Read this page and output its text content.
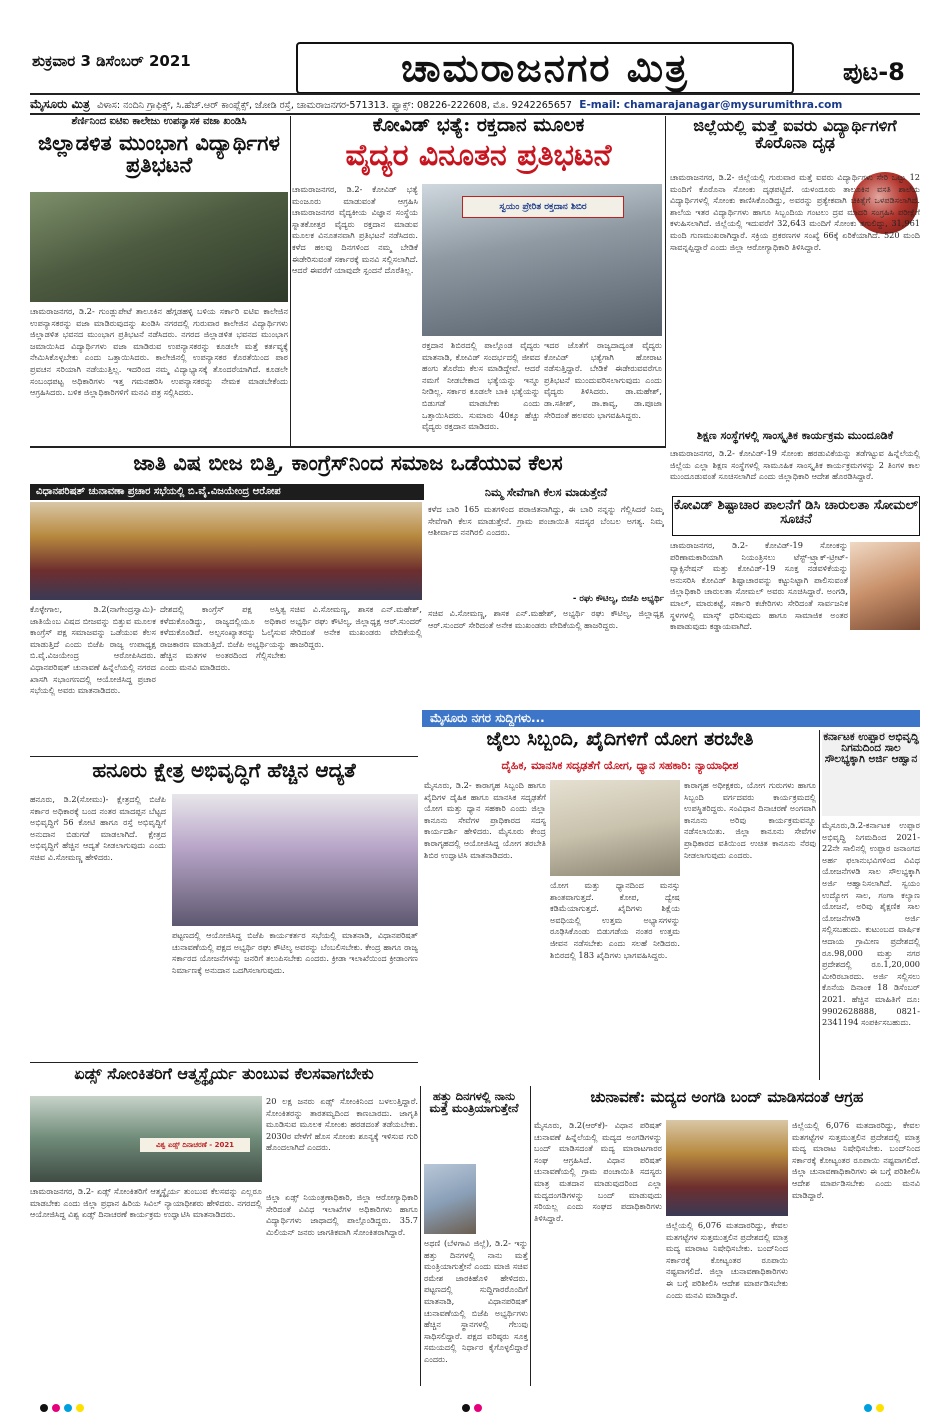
ಶುಕ್ರವಾರ 3 ಡಿಸೆಂಬರ್ 2021	ಚಾಮರಾಜನಗರ ಮಿತ್ರ	ಪುಟ-8
ಮೈಸೂರು ಮಿತ್ರ ವಿಳಾಸ: ನಂದಿನಿ ಗ್ರಾಫಿಕ್ಸ್, ಸಿ.ಹೆಚ್.ಆರ್ ಕಾಂಪ್ಲೆಕ್ಸ್, ಜೋಡಿ ರಸ್ತೆ, ಚಾಮರಾಜನಗರ-571313. ಫ್ಯಾಕ್ಸ್: 08226-222608, ಮೊ. 9242265657 E-mail: chamarajanagar@mysurumithra.com
ಶೆರ್ಣಿನಿಂದ ಐಟಿಐ ಕಾಲೇಜು ಉಪನ್ಯಾಸಕ ವಜಾ ಖಂಡಿಸಿ
ಜಿಲ್ಲಾಡಳಿತ ಮುಂಭಾಗ ವಿದ್ಯಾರ್ಥಿಗಳ ಪ್ರತಿಭಟನೆ
ಚಾಮರಾಜನಗರ, ಡಿ.2- ಗುಂಡ್ಲುಪೇಟೆ ತಾಲೂಕಿನ ಹೆಗ್ಗಡಹಳ್ಳಿ ಬಳಿಯ ಸರ್ಕಾರಿ ಐಟಿಐ ಕಾಲೇಜಿನ ಉಪನ್ಯಾಸಕರನ್ನು ವಜಾ ಮಾಡಿರುವುದನ್ನು ಖಂಡಿಸಿ ನಗರದಲ್ಲಿ ಗುರುವಾರ ಕಾಲೇಜಿನ ವಿದ್ಯಾರ್ಥಿಗಳು ಜಿಲ್ಲಾಡಳಿತ ಭವನದ ಮುಂಭಾಗ ಪ್ರತಿಭಟನೆ ನಡೆಸಿದರು. ನಗರದ ಜಿಲ್ಲಾಡಳಿತ ಭವನದ ಮುಂಭಾಗ ಜಮಾಯಿಸಿದ ವಿದ್ಯಾರ್ಥಿಗಳು ವಜಾ ಮಾಡಿರುವ ಉಪನ್ಯಾಸಕರನ್ನು ಕೂಡಲೇ ಮತ್ತೆ ಕರ್ತವ್ಯಕ್ಕೆ ನೇಮಿಸಿಕೊಳ್ಳಬೇಕು ಎಂದು ಒತ್ತಾಯಿಸಿದರು. ಕಾಲೇಜಿನಲ್ಲಿ ಉಪನ್ಯಾಸಕರ ಕೊರತೆಯಿಂದ ಪಾಠ ಪ್ರವಚನ ಸರಿಯಾಗಿ ನಡೆಯುತ್ತಿಲ್ಲ. ಇದರಿಂದ ನಮ್ಮ ವಿದ್ಯಾಭ್ಯಾಸಕ್ಕೆ ತೊಂದರೆಯಾಗಿದೆ. ಕೂಡಲೇ ಸಂಬಂಧಪಟ್ಟ ಅಧಿಕಾರಿಗಳು ಇತ್ತ ಗಮನಹರಿಸಿ ಉಪನ್ಯಾಸಕರನ್ನು ನೇಮಕ ಮಾಡಬೇಕೆಂದು ಆಗ್ರಹಿಸಿದರು. ಬಳಿಕ ಜಿಲ್ಲಾಧಿಕಾರಿಗಳಿಗೆ ಮನವಿ ಪತ್ರ ಸಲ್ಲಿಸಿದರು.
ಕೋವಿಡ್ ಭತ್ಯೆ: ರಕ್ತದಾನ ಮೂಲಕ
ವೈದ್ಯರ ವಿನೂತನ ಪ್ರತಿಭಟನೆ
ಚಾಮರಾಜನಗರ, ಡಿ.2- ಕೋವಿಡ್ ಭತ್ಯೆ ಮಂಜೂರು ಮಾಡುವಂತೆ ಆಗ್ರಹಿಸಿ ಚಾಮರಾಜನಗರ ವೈದ್ಯಕೀಯ ವಿಜ್ಞಾನ ಸಂಸ್ಥೆಯ ಸ್ನಾತಕೋತ್ತರ ವೈದ್ಯರು ರಕ್ತದಾನ ಮಾಡುವ ಮೂಲಕ ವಿನೂತನವಾಗಿ ಪ್ರತಿಭಟನೆ ನಡೆಸಿದರು. ಕಳೆದ ಹಲವು ದಿನಗಳಿಂದ ನಮ್ಮ ಬೇಡಿಕೆ ಈಡೇರಿಸುವಂತೆ ಸರ್ಕಾರಕ್ಕೆ ಮನವಿ ಸಲ್ಲಿಸಲಾಗಿದೆ. ಆದರೆ ಈವರೆಗೆ ಯಾವುದೇ ಸ್ಪಂದನೆ ದೊರೆತಿಲ್ಲ.
ಸ್ವಯಂ ಪ್ರೇರಿತ ರಕ್ತದಾನ ಶಿಬಿರ
ರಕ್ತದಾನ ಶಿಬಿರದಲ್ಲಿ ಪಾಲ್ಗೊಂಡ ವೈದ್ಯರು ಮಾತನಾಡಿ, ಕೋವಿಡ್ ಸಂದರ್ಭದಲ್ಲಿ ಜೀವದ ಹಂಗು ತೊರೆದು ಕೆಲಸ ಮಾಡಿದ್ದೇವೆ. ಆದರೆ ನಮಗೆ ನೀಡಬೇಕಾದ ಭತ್ಯೆಯನ್ನು ಇನ್ನೂ ನೀಡಿಲ್ಲ. ಸರ್ಕಾರ ಕೂಡಲೇ ಬಾಕಿ ಭತ್ಯೆಯನ್ನು ಬಿಡುಗಡೆ ಮಾಡಬೇಕು ಎಂದು ಒತ್ತಾಯಿಸಿದರು. ಸುಮಾರು 40ಕ್ಕೂ ಹೆಚ್ಚು ವೈದ್ಯರು ರಕ್ತದಾನ ಮಾಡಿದರು.
ಇದರ ಜೊತೆಗೆ ರಾಜ್ಯದಾದ್ಯಂತ ವೈದ್ಯರು ಕೋವಿಡ್ ಭತ್ಯೆಗಾಗಿ ಹೋರಾಟ ನಡೆಸುತ್ತಿದ್ದಾರೆ. ಬೇಡಿಕೆ ಈಡೇರುವವರೆಗೂ ಪ್ರತಿಭಟನೆ ಮುಂದುವರಿಸಲಾಗುವುದು ಎಂದು ವೈದ್ಯರು ತಿಳಿಸಿದರು. ಡಾ.ಮಹೇಶ್, ಡಾ.ಸತೀಶ್, ಡಾ.ಕಾವ್ಯ, ಡಾ.ಪೂಜಾ ಸೇರಿದಂತೆ ಹಲವರು ಭಾಗವಹಿಸಿದ್ದರು.
ಜಿಲ್ಲೆಯಲ್ಲಿ ಮತ್ತೆ ಐವರು ವಿದ್ಯಾರ್ಥಿಗಳಿಗೆ ಕೊರೊನಾ ದೃಢ
ಚಾಮರಾಜನಗರ, ಡಿ.2- ಜಿಲ್ಲೆಯಲ್ಲಿ ಗುರುವಾರ ಮತ್ತೆ ಐವರು ವಿದ್ಯಾರ್ಥಿಗಳು ಸೇರಿ ಒಟ್ಟು 12 ಮಂದಿಗೆ ಕೊರೊನಾ ಸೋಂಕು ದೃಢಪಟ್ಟಿದೆ. ಯಳಂದೂರು ತಾಲೂಕಿನ ವಸತಿ ಶಾಲೆಯ ವಿದ್ಯಾರ್ಥಿಗಳಲ್ಲಿ ಸೋಂಕು ಕಾಣಿಸಿಕೊಂಡಿದ್ದು, ಅವರನ್ನು ಪ್ರತ್ಯೇಕವಾಗಿ ಚಿಕಿತ್ಸೆಗೆ ಒಳಪಡಿಸಲಾಗಿದೆ. ಶಾಲೆಯ ಇತರ ವಿದ್ಯಾರ್ಥಿಗಳು ಹಾಗೂ ಸಿಬ್ಬಂದಿಯ ಗಂಟಲು ದ್ರವ ಮಾದರಿ ಸಂಗ್ರಹಿಸಿ ಪರೀಕ್ಷೆಗೆ ಕಳುಹಿಸಲಾಗಿದೆ. ಜಿಲ್ಲೆಯಲ್ಲಿ ಇದುವರೆಗೆ 32,643 ಮಂದಿಗೆ ಸೋಂಕು ತಗುಲಿದ್ದು, 31,961 ಮಂದಿ ಗುಣಮುಖರಾಗಿದ್ದಾರೆ. ಸಕ್ರಿಯ ಪ್ರಕರಣಗಳ ಸಂಖ್ಯೆ 66ಕ್ಕೆ ಏರಿಕೆಯಾಗಿದೆ. 520 ಮಂದಿ ಸಾವನ್ನಪ್ಪಿದ್ದಾರೆ ಎಂದು ಜಿಲ್ಲಾ ಆರೋಗ್ಯಾಧಿಕಾರಿ ತಿಳಿಸಿದ್ದಾರೆ.
ಶಿಕ್ಷಣ ಸಂಸ್ಥೆಗಳಲ್ಲಿ ಸಾಂಸ್ಕೃತಿಕ ಕಾರ್ಯಕ್ರಮ ಮುಂದೂಡಿಕೆ
ಚಾಮರಾಜನಗರ, ಡಿ.2- ಕೋವಿಡ್-19 ಸೋಂಕು ಹರಡುವಿಕೆಯನ್ನು ತಡೆಗಟ್ಟುವ ಹಿನ್ನೆಲೆಯಲ್ಲಿ ಜಿಲ್ಲೆಯ ಎಲ್ಲಾ ಶಿಕ್ಷಣ ಸಂಸ್ಥೆಗಳಲ್ಲಿ ಸಾಮೂಹಿಕ ಸಾಂಸ್ಕೃತಿಕ ಕಾರ್ಯಕ್ರಮಗಳನ್ನು 2 ತಿಂಗಳ ಕಾಲ ಮುಂದೂಡುವಂತೆ ಸೂಚಿಸಲಾಗಿದೆ ಎಂದು ಜಿಲ್ಲಾಧಿಕಾರಿ ಆದೇಶ ಹೊರಡಿಸಿದ್ದಾರೆ.
ಕೋವಿಡ್ ಶಿಷ್ಟಾಚಾರ ಪಾಲನೆಗೆ ಡಿಸಿ ಚಾರುಲತಾ ಸೋಮಲ್ ಸೂಚನೆ
ಚಾಮರಾಜನಗರ, ಡಿ.2- ಕೋವಿಡ್-19 ಸೋಂಕನ್ನು ಪರಿಣಾಮಕಾರಿಯಾಗಿ ನಿಯಂತ್ರಿಸಲು ಟೆಸ್ಟ್-ಟ್ರ್ಯಾಕ್-ಟ್ರೀಟ್-ವ್ಯಾಕ್ಸಿನೇಷನ್ ಮತ್ತು ಕೋವಿಡ್-19 ಸೂಕ್ತ ನಡವಳಿಕೆಯನ್ನು ಅನುಸರಿಸಿ ಕೋವಿಡ್ ಶಿಷ್ಟಾಚಾರವನ್ನು ಕಟ್ಟುನಿಟ್ಟಾಗಿ ಪಾಲಿಸುವಂತೆ ಜಿಲ್ಲಾಧಿಕಾರಿ ಚಾರುಲತಾ ಸೋಮಲ್ ಅವರು ಸೂಚಿಸಿದ್ದಾರೆ. ಅಂಗಡಿ, ಮಾಲ್, ಮಾರುಕಟ್ಟೆ, ಸರ್ಕಾರಿ ಕಚೇರಿಗಳು ಸೇರಿದಂತೆ ಸಾರ್ವಜನಿಕ ಸ್ಥಳಗಳಲ್ಲಿ ಮಾಸ್ಕ್ ಧರಿಸುವುದು ಹಾಗೂ ಸಾಮಾಜಿಕ ಅಂತರ ಕಾಪಾಡುವುದು ಕಡ್ಡಾಯವಾಗಿದೆ.
ಜಾತಿ ವಿಷ ಬೀಜ ಬಿತ್ತಿ, ಕಾಂಗ್ರೆಸ್‌ನಿಂದ ಸಮಾಜ ಒಡೆಯುವ ಕೆಲಸ
ವಿಧಾನಪರಿಷತ್ ಚುನಾವಣಾ ಪ್ರಚಾರ ಸಭೆಯಲ್ಲಿ ಬಿ.ವೈ.ವಿಜಯೇಂದ್ರ ಆರೋಪ
ಕೊಳ್ಳೇಗಾಲ, ಡಿ.2(ನಾಗೇಂದ್ರಸ್ವಾಮಿ)- ಜಾತಿಯೆಂಬ ವಿಷದ ಬೀಜವನ್ನು ಬಿತ್ತುವ ಮೂಲಕ ಕಾಂಗ್ರೆಸ್ ಪಕ್ಷ ಸಮಾಜವನ್ನು ಒಡೆಯುವ ಕೆಲಸ ಮಾಡುತ್ತಿದೆ ಎಂದು ಬಿಜೆಪಿ ರಾಜ್ಯ ಉಪಾಧ್ಯಕ್ಷ ಬಿ.ವೈ.ವಿಜಯೇಂದ್ರ ಆರೋಪಿಸಿದರು. ವಿಧಾನಪರಿಷತ್ ಚುನಾವಣೆ ಹಿನ್ನೆಲೆಯಲ್ಲಿ ನಗರದ ಖಾಸಗಿ ಸಭಾಂಗಣದಲ್ಲಿ ಆಯೋಜಿಸಿದ್ದ ಪ್ರಚಾರ ಸಭೆಯಲ್ಲಿ ಅವರು ಮಾತನಾಡಿದರು.
ದೇಶದಲ್ಲಿ ಕಾಂಗ್ರೆಸ್ ಪಕ್ಷ ಅಸ್ತಿತ್ವ ಕಳೆದುಕೊಂಡಿದ್ದು, ರಾಜ್ಯದಲ್ಲಿಯೂ ಅಧಿಕಾರ ಕಳೆದುಕೊಂಡಿದೆ. ಅಲ್ಪಸಂಖ್ಯಾತರನ್ನು ಓಲೈಸುವ ರಾಜಕಾರಣ ಮಾಡುತ್ತಿದೆ. ಬಿಜೆಪಿ ಅಭ್ಯರ್ಥಿಯನ್ನು ಹೆಚ್ಚಿನ ಮತಗಳ ಅಂತರದಿಂದ ಗೆಲ್ಲಿಸಬೇಕು ಎಂದು ಮನವಿ ಮಾಡಿದರು.
ಸಚಿವ ವಿ.ಸೋಮಣ್ಣ, ಶಾಸಕ ಎನ್.ಮಹೇಶ್, ಅಭ್ಯರ್ಥಿ ರಘು ಕೌಟಿಲ್ಯ, ಜಿಲ್ಲಾಧ್ಯಕ್ಷ ಆರ್.ಸುಂದರ್ ಸೇರಿದಂತೆ ಅನೇಕ ಮುಖಂಡರು ವೇದಿಕೆಯಲ್ಲಿ ಹಾಜರಿದ್ದರು.
ನಿಮ್ಮ ಸೇವೆಗಾಗಿ ಕೆಲಸ ಮಾಡುತ್ತೇನೆ
ಕಳೆದ ಬಾರಿ 165 ಮತಗಳಿಂದ ಪರಾಜಿತನಾಗಿದ್ದು, ಈ ಬಾರಿ ನನ್ನನ್ನು ಗೆಲ್ಲಿಸಿದರೆ ನಿಮ್ಮ ಸೇವೆಗಾಗಿ ಕೆಲಸ ಮಾಡುತ್ತೇನೆ. ಗ್ರಾಮ ಪಂಚಾಯಿತಿ ಸದಸ್ಯರ ಬೆಂಬಲ ಅಗತ್ಯ. ನಿಮ್ಮ ಆಶೀರ್ವಾದ ನನಗಿರಲಿ ಎಂದರು.
- ರಘು ಕೌಟಿಲ್ಯ, ಬಿಜೆಪಿ ಅಭ್ಯರ್ಥಿ
ಸಚಿವ ವಿ.ಸೋಮಣ್ಣ, ಶಾಸಕ ಎನ್.ಮಹೇಶ್, ಅಭ್ಯರ್ಥಿ ರಘು ಕೌಟಿಲ್ಯ, ಜಿಲ್ಲಾಧ್ಯಕ್ಷ ಆರ್.ಸುಂದರ್ ಸೇರಿದಂತೆ ಅನೇಕ ಮುಖಂಡರು ವೇದಿಕೆಯಲ್ಲಿ ಹಾಜರಿದ್ದರು.
ಮೈಸೂರು ನಗರ ಸುದ್ದಿಗಳು...
ಜೈಲು ಸಿಬ್ಬಂದಿ, ಖೈದಿಗಳಿಗೆ ಯೋಗ ತರಬೇತಿ
ದೈಹಿಕ, ಮಾನಸಿಕ ಸದೃಢತೆಗೆ ಯೋಗ, ಧ್ಯಾನ ಸಹಕಾರಿ: ನ್ಯಾಯಾಧೀಶ
ಮೈಸೂರು, ಡಿ.2- ಕಾರಾಗೃಹ ಸಿಬ್ಬಂದಿ ಹಾಗೂ ಖೈದಿಗಳ ದೈಹಿಕ ಹಾಗೂ ಮಾನಸಿಕ ಸದೃಢತೆಗೆ ಯೋಗ ಮತ್ತು ಧ್ಯಾನ ಸಹಕಾರಿ ಎಂದು ಜಿಲ್ಲಾ ಕಾನೂನು ಸೇವೆಗಳ ಪ್ರಾಧಿಕಾರದ ಸದಸ್ಯ ಕಾರ್ಯದರ್ಶಿ ಹೇಳಿದರು. ಮೈಸೂರು ಕೇಂದ್ರ ಕಾರಾಗೃಹದಲ್ಲಿ ಆಯೋಜಿಸಿದ್ದ ಯೋಗ ತರಬೇತಿ ಶಿಬಿರ ಉದ್ಘಾಟಿಸಿ ಮಾತನಾಡಿದರು.
ಯೋಗ ಮತ್ತು ಧ್ಯಾನದಿಂದ ಮನಸ್ಸು ಶಾಂತವಾಗುತ್ತದೆ. ಕೋಪ, ದ್ವೇಷ ಕಡಿಮೆಯಾಗುತ್ತದೆ. ಖೈದಿಗಳು ಶಿಕ್ಷೆಯ ಅವಧಿಯಲ್ಲಿ ಉತ್ತಮ ಅಭ್ಯಾಸಗಳನ್ನು ರೂಢಿಸಿಕೊಂಡು ಬಿಡುಗಡೆಯ ನಂತರ ಉತ್ತಮ ಜೀವನ ನಡೆಸಬೇಕು ಎಂದು ಸಲಹೆ ನೀಡಿದರು. ಶಿಬಿರದಲ್ಲಿ 183 ಖೈದಿಗಳು ಭಾಗವಹಿಸಿದ್ದರು.
ಕಾರಾಗೃಹ ಅಧೀಕ್ಷಕರು, ಯೋಗ ಗುರುಗಳು ಹಾಗೂ ಸಿಬ್ಬಂದಿ ವರ್ಗದವರು ಕಾರ್ಯಕ್ರಮದಲ್ಲಿ ಉಪಸ್ಥಿತರಿದ್ದರು. ಸಂವಿಧಾನ ದಿನಾಚರಣೆ ಅಂಗವಾಗಿ ಕಾನೂನು ಅರಿವು ಕಾರ್ಯಕ್ರಮವನ್ನೂ ನಡೆಸಲಾಯಿತು. ಜಿಲ್ಲಾ ಕಾನೂನು ಸೇವೆಗಳ ಪ್ರಾಧಿಕಾರದ ವತಿಯಿಂದ ಉಚಿತ ಕಾನೂನು ನೆರವು ನೀಡಲಾಗುವುದು ಎಂದರು.
ಕರ್ನಾಟಕ ಉಪ್ಪಾರ ಅಭಿವೃದ್ಧಿ ನಿಗಮದಿಂದ ಸಾಲ ಸೌಲಭ್ಯಕ್ಕಾಗಿ ಅರ್ಜಿ ಆಹ್ವಾನ
ಮೈಸೂರು,ಡಿ.2-ಕರ್ನಾಟಕ ಉಪ್ಪಾರ ಅಭಿವೃದ್ಧಿ ನಿಗಮದಿಂದ 2021-22ನೇ ಸಾಲಿನಲ್ಲಿ ಉಪ್ಪಾರ ಜನಾಂಗದ ಅರ್ಹ ಫಲಾನುಭವಿಗಳಿಂದ ವಿವಿಧ ಯೋಜನೆಗಳಡಿ ಸಾಲ ಸೌಲಭ್ಯಕ್ಕಾಗಿ ಅರ್ಜಿ ಆಹ್ವಾನಿಸಲಾಗಿದೆ. ಸ್ವಯಂ ಉದ್ಯೋಗ ಸಾಲ, ಗಂಗಾ ಕಲ್ಯಾಣ ಯೋಜನೆ, ಅರಿವು ಶೈಕ್ಷಣಿಕ ಸಾಲ ಯೋಜನೆಗಳಡಿ ಅರ್ಜಿ ಸಲ್ಲಿಸಬಹುದು. ಕುಟುಂಬದ ವಾರ್ಷಿಕ ಆದಾಯ ಗ್ರಾಮೀಣ ಪ್ರದೇಶದಲ್ಲಿ ರೂ.98,000 ಮತ್ತು ನಗರ ಪ್ರದೇಶದಲ್ಲಿ ರೂ.1,20,000 ಮೀರಿರಬಾರದು. ಅರ್ಜಿ ಸಲ್ಲಿಸಲು ಕೊನೆಯ ದಿನಾಂಕ 18 ಡಿಸೆಂಬರ್ 2021. ಹೆಚ್ಚಿನ ಮಾಹಿತಿಗೆ ದೂ: 9902628888, 0821-2341194 ಸಂಪರ್ಕಿಸಬಹುದು.
ಹನೂರು ಕ್ಷೇತ್ರ ಅಭಿವೃದ್ಧಿಗೆ ಹೆಚ್ಚಿನ ಆದ್ಯತೆ
ಹನೂರು, ಡಿ.2(ಸೋಮು)- ಕ್ಷೇತ್ರದಲ್ಲಿ ಬಿಜೆಪಿ ಸರ್ಕಾರ ಅಧಿಕಾರಕ್ಕೆ ಬಂದ ನಂತರ ಮಾದಪ್ಪನ ಬೆಟ್ಟದ ಅಭಿವೃದ್ಧಿಗೆ 56 ಕೋಟಿ ಹಾಗೂ ರಸ್ತೆ ಅಭಿವೃದ್ಧಿಗೆ ಅನುದಾನ ಬಿಡುಗಡೆ ಮಾಡಲಾಗಿದೆ. ಕ್ಷೇತ್ರದ ಅಭಿವೃದ್ಧಿಗೆ ಹೆಚ್ಚಿನ ಆದ್ಯತೆ ನೀಡಲಾಗುವುದು ಎಂದು ಸಚಿವ ವಿ.ಸೋಮಣ್ಣ ಹೇಳಿದರು.
ಪಟ್ಟಣದಲ್ಲಿ ಆಯೋಜಿಸಿದ್ದ ಬಿಜೆಪಿ ಕಾರ್ಯಕರ್ತರ ಸಭೆಯಲ್ಲಿ ಮಾತನಾಡಿ, ವಿಧಾನಪರಿಷತ್ ಚುನಾವಣೆಯಲ್ಲಿ ಪಕ್ಷದ ಅಭ್ಯರ್ಥಿ ರಘು ಕೌಟಿಲ್ಯ ಅವರನ್ನು ಬೆಂಬಲಿಸಬೇಕು. ಕೇಂದ್ರ ಹಾಗೂ ರಾಜ್ಯ ಸರ್ಕಾರದ ಯೋಜನೆಗಳನ್ನು ಜನರಿಗೆ ತಲುಪಿಸಬೇಕು ಎಂದರು. ಕ್ರೀಡಾ ಇಲಾಖೆಯಿಂದ ಕ್ರೀಡಾಂಗಣ ನಿರ್ಮಾಣಕ್ಕೆ ಅನುದಾನ ಒದಗಿಸಲಾಗುವುದು.
ಏಡ್ಸ್ ಸೋಂಕಿತರಿಗೆ ಆತ್ಮಸ್ಥೈರ್ಯ ತುಂಬುವ ಕೆಲಸವಾಗಬೇಕು
ವಿಶ್ವ ಏಡ್ಸ್ ದಿನಾಚರಣೆ - 2021
20 ಲಕ್ಷ ಜನರು ಏಡ್ಸ್ ಸೋಂಕಿನಿಂದ ಬಳಲುತ್ತಿದ್ದಾರೆ. ಸೋಂಕಿತರನ್ನು ತಾರತಮ್ಯದಿಂದ ಕಾಣಬಾರದು. ಜಾಗೃತಿ ಮೂಡಿಸುವ ಮೂಲಕ ಸೋಂಕು ಹರಡದಂತೆ ತಡೆಯಬೇಕು. 2030ರ ವೇಳೆಗೆ ಹೊಸ ಸೋಂಕು ಶೂನ್ಯಕ್ಕೆ ಇಳಿಸುವ ಗುರಿ ಹೊಂದಲಾಗಿದೆ ಎಂದರು.
ಚಾಮರಾಜನಗರ, ಡಿ.2- ಏಡ್ಸ್ ಸೋಂಕಿತರಿಗೆ ಆತ್ಮಸ್ಥೈರ್ಯ ತುಂಬುವ ಕೆಲಸವನ್ನು ಎಲ್ಲರೂ ಮಾಡಬೇಕು ಎಂದು ಜಿಲ್ಲಾ ಪ್ರಧಾನ ಹಿರಿಯ ಸಿವಿಲ್ ನ್ಯಾಯಾಧೀಶರು ಹೇಳಿದರು. ನಗರದಲ್ಲಿ ಆಯೋಜಿಸಿದ್ದ ವಿಶ್ವ ಏಡ್ಸ್ ದಿನಾಚರಣೆ ಕಾರ್ಯಕ್ರಮ ಉದ್ಘಾಟಿಸಿ ಮಾತನಾಡಿದರು.
ಜಿಲ್ಲಾ ಏಡ್ಸ್ ನಿಯಂತ್ರಣಾಧಿಕಾರಿ, ಜಿಲ್ಲಾ ಆರೋಗ್ಯಾಧಿಕಾರಿ ಸೇರಿದಂತೆ ವಿವಿಧ ಇಲಾಖೆಗಳ ಅಧಿಕಾರಿಗಳು ಹಾಗೂ ವಿದ್ಯಾರ್ಥಿಗಳು ಜಾಥಾದಲ್ಲಿ ಪಾಲ್ಗೊಂಡಿದ್ದರು. 35.7 ಮಿಲಿಯನ್ ಜನರು ಜಾಗತಿಕವಾಗಿ ಸೋಂಕಿತರಾಗಿದ್ದಾರೆ.
ಹತ್ತು ದಿನಗಳಲ್ಲಿ ನಾನು ಮತ್ತೆ ಮಂತ್ರಿಯಾಗುತ್ತೇನೆ
ಅಥಣಿ (ಬೆಳಗಾವಿ ಜಿಲ್ಲೆ), ಡಿ.2- ಇನ್ನು ಹತ್ತು ದಿನಗಳಲ್ಲಿ ನಾನು ಮತ್ತೆ ಮಂತ್ರಿಯಾಗುತ್ತೇನೆ ಎಂದು ಮಾಜಿ ಸಚಿವ ರಮೇಶ ಜಾರಕಿಹೊಳಿ ಹೇಳಿದರು. ಪಟ್ಟಣದಲ್ಲಿ ಸುದ್ದಿಗಾರರೊಂದಿಗೆ ಮಾತನಾಡಿ, ವಿಧಾನಪರಿಷತ್ ಚುನಾವಣೆಯಲ್ಲಿ ಬಿಜೆಪಿ ಅಭ್ಯರ್ಥಿಗಳು ಹೆಚ್ಚಿನ ಸ್ಥಾನಗಳಲ್ಲಿ ಗೆಲುವು ಸಾಧಿಸಲಿದ್ದಾರೆ. ಪಕ್ಷದ ವರಿಷ್ಠರು ಸೂಕ್ತ ಸಮಯದಲ್ಲಿ ನಿರ್ಧಾರ ಕೈಗೊಳ್ಳಲಿದ್ದಾರೆ ಎಂದರು.
ಚುನಾವಣೆ: ಮದ್ಯದ ಅಂಗಡಿ ಬಂದ್ ಮಾಡಿಸದಂತೆ ಆಗ್ರಹ
ಮೈಸೂರು, ಡಿ.2(ಆರ್‌ಕೆ)- ವಿಧಾನ ಪರಿಷತ್ ಚುನಾವಣೆ ಹಿನ್ನೆಲೆಯಲ್ಲಿ ಮದ್ಯದ ಅಂಗಡಿಗಳನ್ನು ಬಂದ್ ಮಾಡಿಸದಂತೆ ಮದ್ಯ ಮಾರಾಟಗಾರರ ಸಂಘ ಆಗ್ರಹಿಸಿದೆ. ವಿಧಾನ ಪರಿಷತ್ ಚುನಾವಣೆಯಲ್ಲಿ ಗ್ರಾಮ ಪಂಚಾಯಿತಿ ಸದಸ್ಯರು ಮಾತ್ರ ಮತದಾನ ಮಾಡುವುದರಿಂದ ಎಲ್ಲಾ ಮದ್ಯದಂಗಡಿಗಳನ್ನು ಬಂದ್ ಮಾಡುವುದು ಸರಿಯಲ್ಲ ಎಂದು ಸಂಘದ ಪದಾಧಿಕಾರಿಗಳು ತಿಳಿಸಿದ್ದಾರೆ.
ಜಿಲ್ಲೆಯಲ್ಲಿ 6,076 ಮತದಾರರಿದ್ದು, ಕೇವಲ ಮತಗಟ್ಟೆಗಳ ಸುತ್ತಮುತ್ತಲಿನ ಪ್ರದೇಶದಲ್ಲಿ ಮಾತ್ರ ಮದ್ಯ ಮಾರಾಟ ನಿಷೇಧಿಸಬೇಕು. ಬಂದ್‌ನಿಂದ ಸರ್ಕಾರಕ್ಕೆ ಕೋಟ್ಯಂತರ ರೂಪಾಯಿ ನಷ್ಟವಾಗಲಿದೆ. ಜಿಲ್ಲಾ ಚುನಾವಣಾಧಿಕಾರಿಗಳು ಈ ಬಗ್ಗೆ ಪರಿಶೀಲಿಸಿ ಆದೇಶ ಮಾರ್ಪಡಿಸಬೇಕು ಎಂದು ಮನವಿ ಮಾಡಿದ್ದಾರೆ.
ಜಿಲ್ಲೆಯಲ್ಲಿ 6,076 ಮತದಾರರಿದ್ದು, ಕೇವಲ ಮತಗಟ್ಟೆಗಳ ಸುತ್ತಮುತ್ತಲಿನ ಪ್ರದೇಶದಲ್ಲಿ ಮಾತ್ರ ಮದ್ಯ ಮಾರಾಟ ನಿಷೇಧಿಸಬೇಕು. ಬಂದ್‌ನಿಂದ ಸರ್ಕಾರಕ್ಕೆ ಕೋಟ್ಯಂತರ ರೂಪಾಯಿ ನಷ್ಟವಾಗಲಿದೆ. ಜಿಲ್ಲಾ ಚುನಾವಣಾಧಿಕಾರಿಗಳು ಈ ಬಗ್ಗೆ ಪರಿಶೀಲಿಸಿ ಆದೇಶ ಮಾರ್ಪಡಿಸಬೇಕು ಎಂದು ಮನವಿ ಮಾಡಿದ್ದಾರೆ.
